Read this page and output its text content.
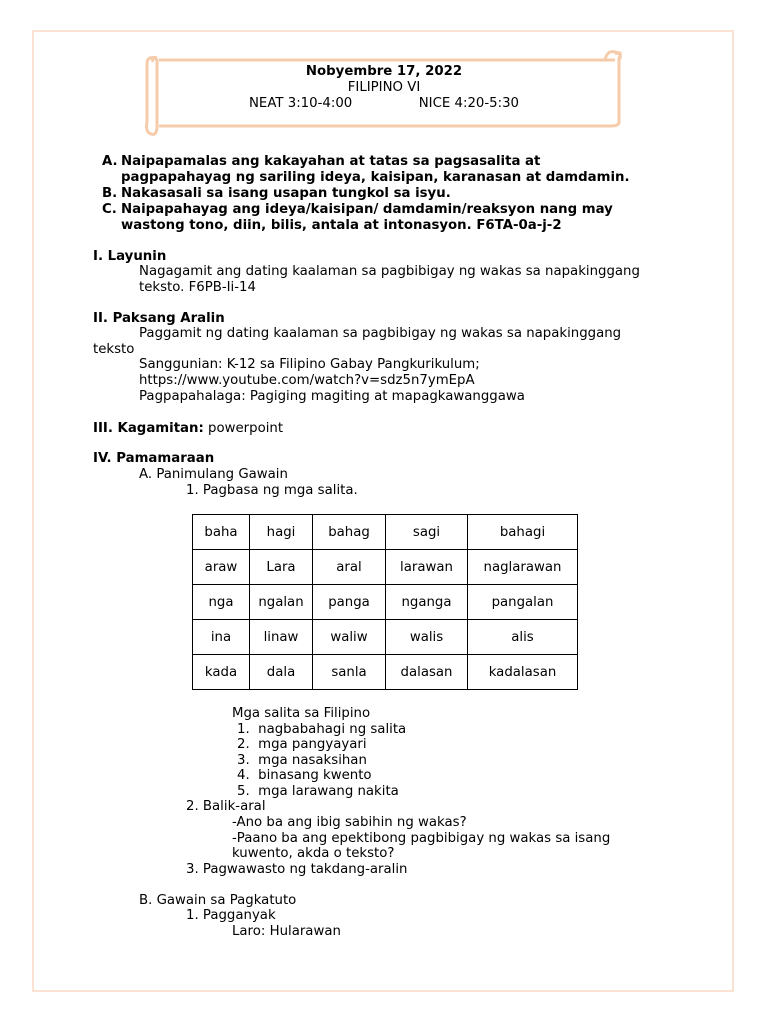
Nobyembre 17, 2022
FILIPINO VI
NEAT 3:10-4:00	NICE 4:20-5:30
A. Naipapamalas ang kakayahan at tatas sa pagsasalita at
pagpapahayag ng sariling ideya, kaisipan, karanasan at damdamin.
B. Nakasasali sa isang usapan tungkol sa isyu.
C. Naipapahayag ang ideya/kaisipan/ damdamin/reaksyon nang may
wastong tono, diin, bilis, antala at intonasyon. F6TA-0a-j-2
I. Layunin
Nagagamit ang dating kaalaman sa pagbibigay ng wakas sa napakinggang
teksto. F6PB-Ii-14
II. Paksang Aralin
Paggamit ng dating kaalaman sa pagbibigay ng wakas sa napakinggang
teksto
Sanggunian: K-12 sa Filipino Gabay Pangkurikulum;
https://www.youtube.com/watch?v=sdz5n7ymEpA
Pagpapahalaga: Pagiging magiting at mapagkawanggawa
III. Kagamitan: powerpoint
IV. Pamamaraan
A. Panimulang Gawain
1. Pagbasa ng mga salita.
baha	hagi	bahag	sagi	bahagi
araw	Lara	aral	larawan	naglarawan
nga	ngalan	panga	nganga	pangalan
ina	linaw	waliw	walis	alis
kada	dala	sanla	dalasan	kadalasan
Mga salita sa Filipino
1.  nagbabahagi ng salita
2.  mga pangyayari
3.  mga nasaksihan
4.  binasang kwento
5.  mga larawang nakita
2. Balik-aral
-Ano ba ang ibig sabihin ng wakas?
-Paano ba ang epektibong pagbibigay ng wakas sa isang
kuwento, akda o teksto?
3. Pagwawasto ng takdang-aralin
B. Gawain sa Pagkatuto
1. Pagganyak
Laro: Hularawan
